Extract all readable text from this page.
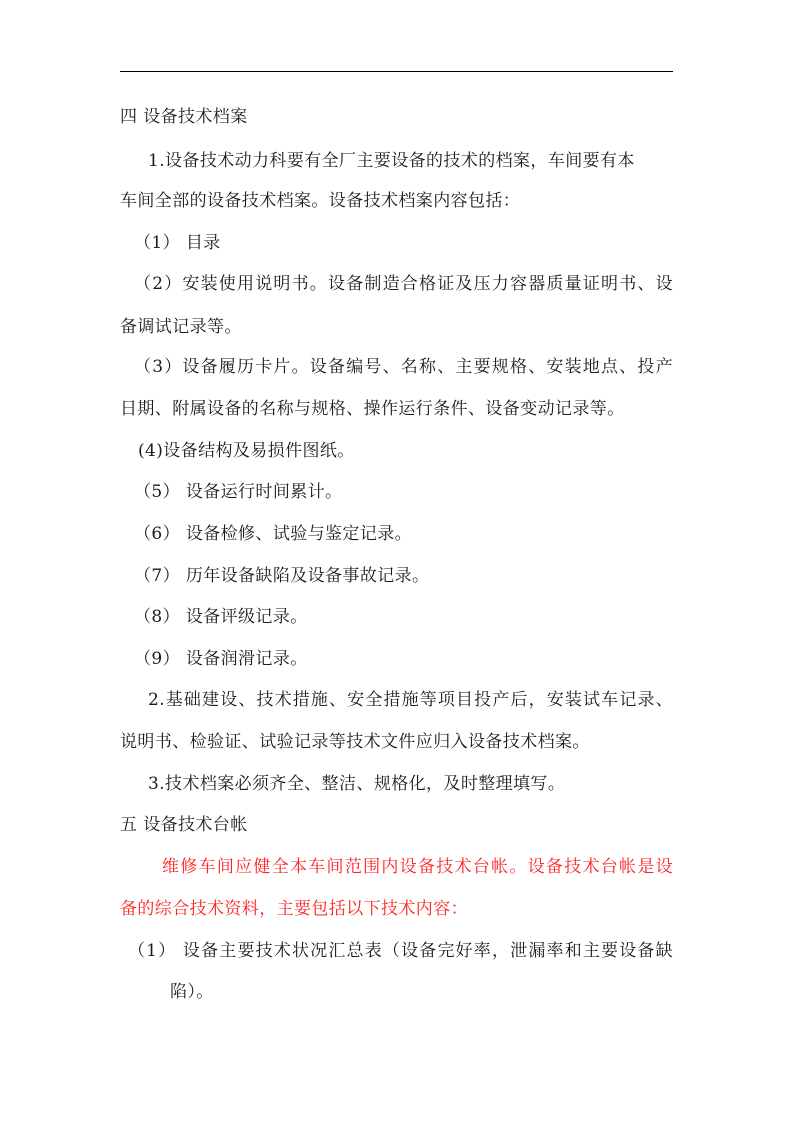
四 设备技术档案
1.设备技术动力科要有全厂主要设备的技术的档案，车间要有本
车间全部的设备技术档案。设备技术档案内容包括：
（1） 目录
（2）安装使用说明书。设备制造合格证及压力容器质量证明书、设
备调试记录等。
（3）设备履历卡片。设备编号、名称、主要规格、安装地点、投产
日期、附属设备的名称与规格、操作运行条件、设备变动记录等。
(4)设备结构及易损件图纸。
（5） 设备运行时间累计。
（6） 设备检修、试验与鉴定记录。
（7） 历年设备缺陷及设备事故记录。
（8） 设备评级记录。
（9） 设备润滑记录。
2.基础建设、技术措施、安全措施等项目投产后，安装试车记录、
说明书、检验证、试验记录等技术文件应归入设备技术档案。
3.技术档案必须齐全、整洁、规格化，及时整理填写。
五 设备技术台帐
维修车间应健全本车间范围内设备技术台帐。设备技术台帐是设
备的综合技术资料，主要包括以下技术内容：
（1） 设备主要技术状况汇总表（设备完好率，泄漏率和主要设备缺
陷）。
